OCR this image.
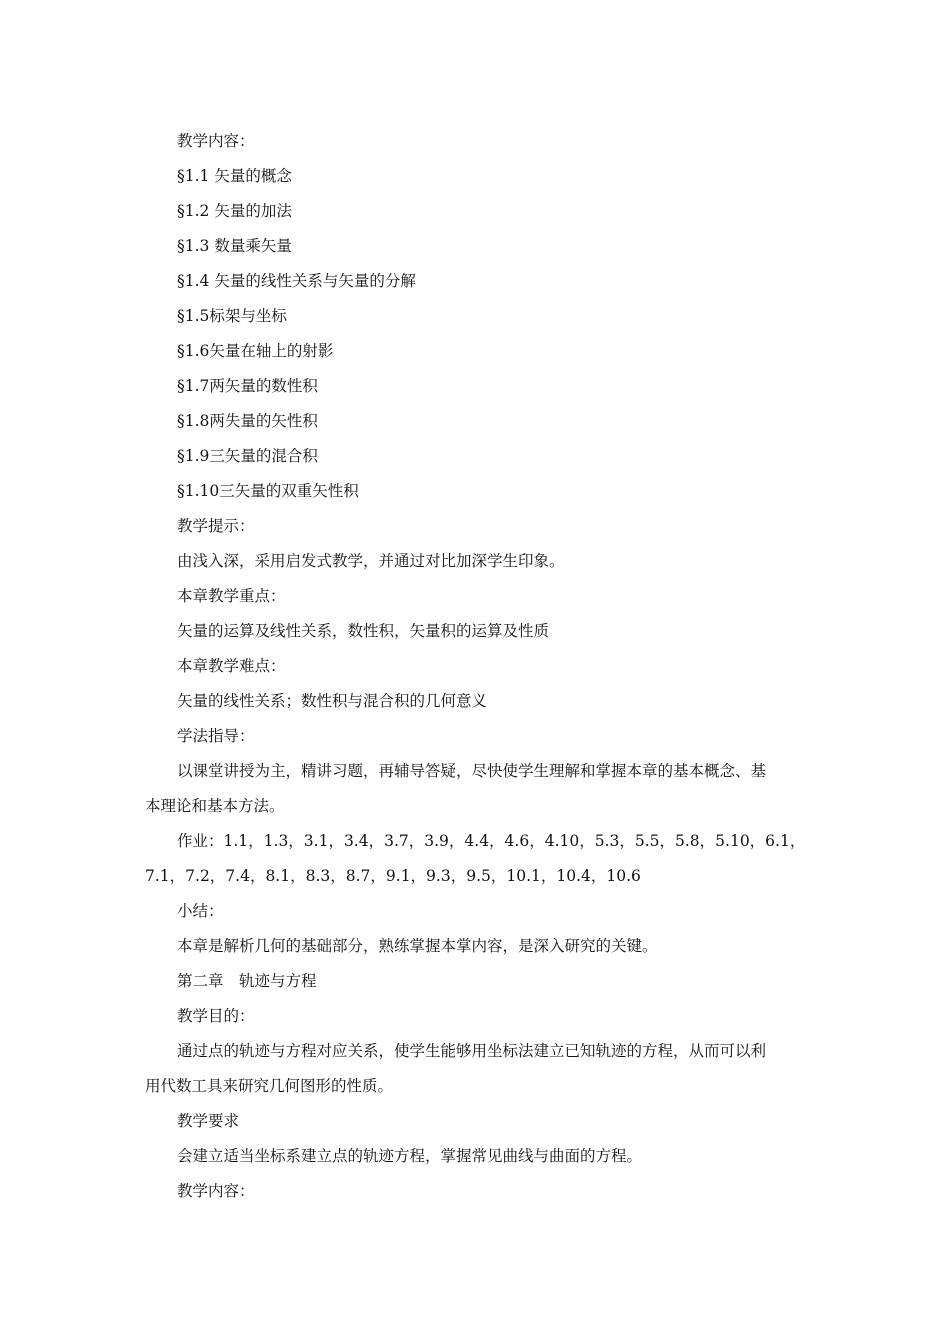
教学内容：

§1.1 矢量的概念

§1.2 矢量的加法

§1.3 数量乘矢量

§1.4 矢量的线性关系与矢量的分解

§1.5标架与坐标

§1.6矢量在轴上的射影

§1.7两矢量的数性积

§1.8两失量的矢性积

§1.9三矢量的混合积

§1.10三矢量的双重矢性积

教学提示：

由浅入深，采用启发式教学，并通过对比加深学生印象。

本章教学重点：

矢量的运算及线性关系，数性积，矢量积的运算及性质

本章教学难点：

矢量的线性关系；数性积与混合积的几何意义

学法指导：

以课堂讲授为主，精讲习题，再辅导答疑，尽快使学生理解和掌握本章的基本概念、基

本理论和基本方法。

作业：1.1，1.3，3.1，3.4，3.7，3.9，4.4，4.6，4.10，5.3，5.5，5.8，5.10，6.1，

7.1，7.2，7.4，8.1，8.3，8.7，9.1，9.3，9.5，10.1，10.4，10.6

小结：

本章是解析几何的基础部分，熟练掌握本掌内容，是深入研究的关键。

第二章　轨迹与方程

教学目的：

通过点的轨迹与方程对应关系，使学生能够用坐标法建立已知轨迹的方程，从而可以利

用代数工具来研究几何图形的性质。

教学要求

会建立适当坐标系建立点的轨迹方程，掌握常见曲线与曲面的方程。

教学内容：
